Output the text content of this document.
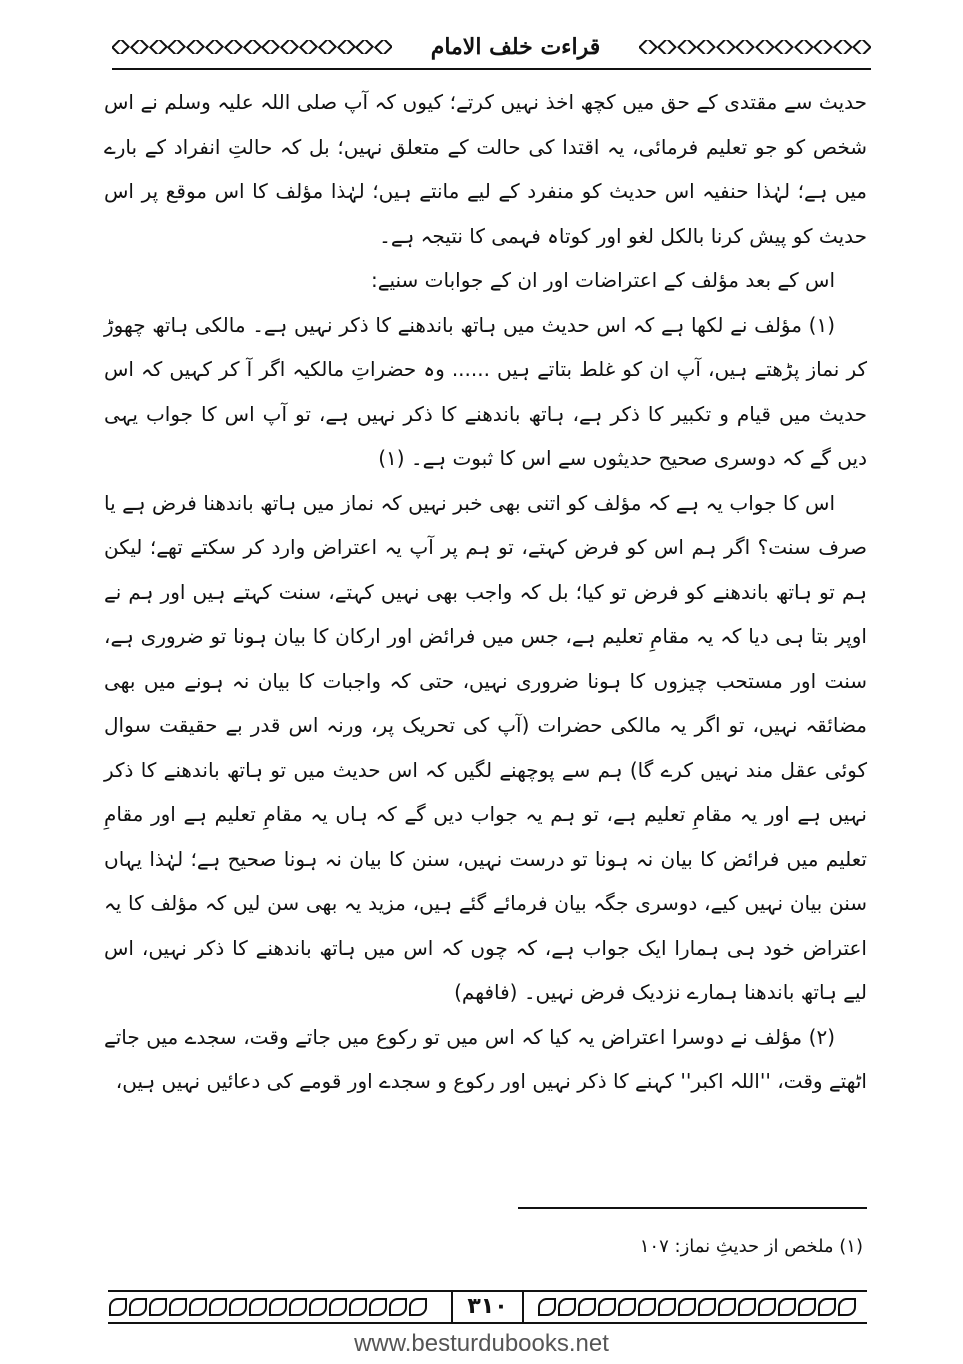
قراءت خلف الامام

حدیث سے مقتدی کے حق میں کچھ اخذ نہیں کرتے؛ کیوں کہ آپ صلی اللہ علیہ وسلم نے اس شخص کو جو تعلیم فرمائی، یہ اقتدا کی حالت کے متعلق نہیں؛ بل کہ حالتِ انفراد کے بارے میں ہے؛ لہٰذا حنفیہ اس حدیث کو منفرد کے لیے مانتے ہیں؛ لہٰذا مؤلف کا اس موقع پر اس حدیث کو پیش کرنا بالکل لغو اور کوتاہ فہمی کا نتیجہ ہے۔

اس کے بعد مؤلف کے اعتراضات اور ان کے جوابات سنیے:

(۱) مؤلف نے لکھا ہے کہ اس حدیث میں ہاتھ باندھنے کا ذکر نہیں ہے۔ مالکی ہاتھ چھوڑ کر نماز پڑھتے ہیں، آپ ان کو غلط بتاتے ہیں ...... وہ حضراتِ مالکیہ اگر آ کر کہیں کہ اس حدیث میں قیام و تکبیر کا ذکر ہے، ہاتھ باندھنے کا ذکر نہیں ہے، تو آپ اس کا جواب یہی دیں گے کہ دوسری صحیح حدیثوں سے اس کا ثبوت ہے۔ (۱)

اس کا جواب یہ ہے کہ مؤلف کو اتنی بھی خبر نہیں کہ نماز میں ہاتھ باندھنا فرض ہے یا صرف سنت؟ اگر ہم اس کو فرض کہتے، تو ہم پر آپ یہ اعتراض وارد کر سکتے تھے؛ لیکن ہم تو ہاتھ باندھنے کو فرض تو کیا؛ بل کہ واجب بھی نہیں کہتے، سنت کہتے ہیں اور ہم نے اوپر بتا ہی دیا کہ یہ مقامِ تعلیم ہے، جس میں فرائض اور ارکان کا بیان ہونا تو ضروری ہے، سنت اور مستحب چیزوں کا ہونا ضروری نہیں، حتی کہ واجبات کا بیان نہ ہونے میں بھی مضائقہ نہیں، تو اگر یہ مالکی حضرات (آپ کی تحریک پر، ورنہ اس قدر بے حقیقت سوال کوئی عقل مند نہیں کرے گا) ہم سے پوچھنے لگیں کہ اس حدیث میں تو ہاتھ باندھنے کا ذکر نہیں ہے اور یہ مقامِ تعلیم ہے، تو ہم یہ جواب دیں گے کہ ہاں یہ مقامِ تعلیم ہے اور مقامِ تعلیم میں فرائض کا بیان نہ ہونا تو درست نہیں، سنن کا بیان نہ ہونا صحیح ہے؛ لہٰذا یہاں سنن بیان نہیں کیے، دوسری جگہ بیان فرمائے گئے ہیں، مزید یہ بھی سن لیں کہ مؤلف کا یہ اعتراض خود ہی ہمارا ایک جواب ہے، کہ چوں کہ اس میں ہاتھ باندھنے کا ذکر نہیں، اس لیے ہاتھ باندھنا ہمارے نزدیک فرض نہیں۔ (فافهم)

(۲) مؤلف نے دوسرا اعتراض یہ کیا کہ اس میں تو رکوع میں جاتے وقت، سجدے میں جاتے اٹھتے وقت، ''اللہ اکبر'' کہنے کا ذکر نہیں اور رکوع و سجدے اور قومے کی دعائیں نہیں ہیں،

(۱) ملخص از حدیثِ نماز: ۱۰۷
۳۱۰
www.besturdubooks.net
